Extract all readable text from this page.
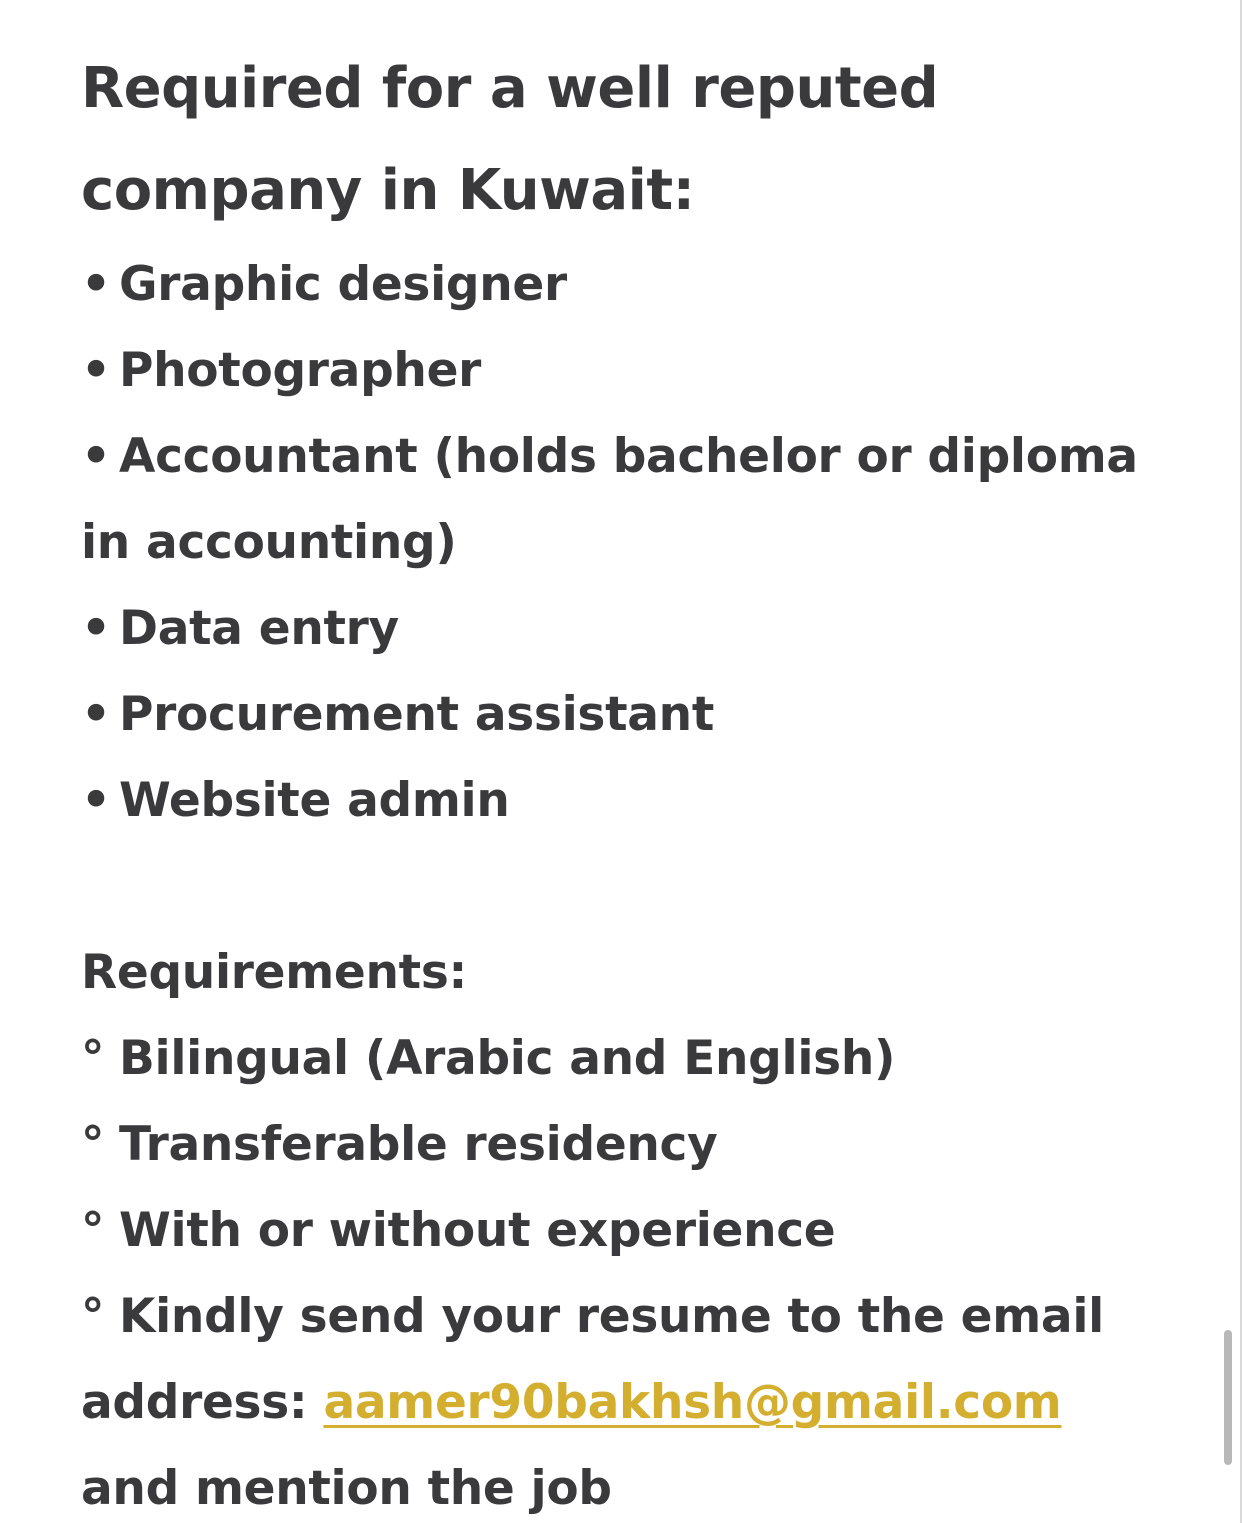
Required for a well reputed

company in Kuwait:

• Graphic designer

• Photographer

• Accountant (holds bachelor or diploma

in accounting)

• Data entry

• Procurement assistant

• Website admin

Requirements:

° Bilingual (Arabic and English)

° Transferable residency

° With or without experience

° Kindly send your resume to the email

address: aamer90bakhsh@gmail.com

and mention the job
